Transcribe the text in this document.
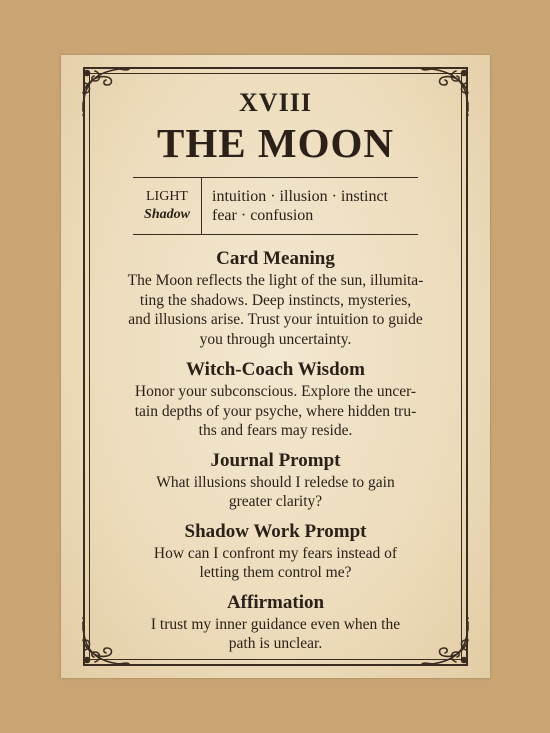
XVIII
THE MOON
LIGHT
Shadow
intuition · illusion · instinct
fear · confusion
Card Meaning

The Moon reflects the light of the sun, illumita-
ting the shadows. Deep instincts, mysteries,
and illusions arise. Trust your intuition to guide
you through uncertainty.

Witch-Coach Wisdom

Honor your subconscious. Explore the uncer-
tain depths of your psyche, where hidden tru-
ths and fears may reside.

Journal Prompt

What illusions should I reledse to gain
greater clarity?

Shadow Work Prompt

How can I confront my fears instead of
letting them control me?

Affirmation

I trust my inner guidance even when the
path is unclear.
